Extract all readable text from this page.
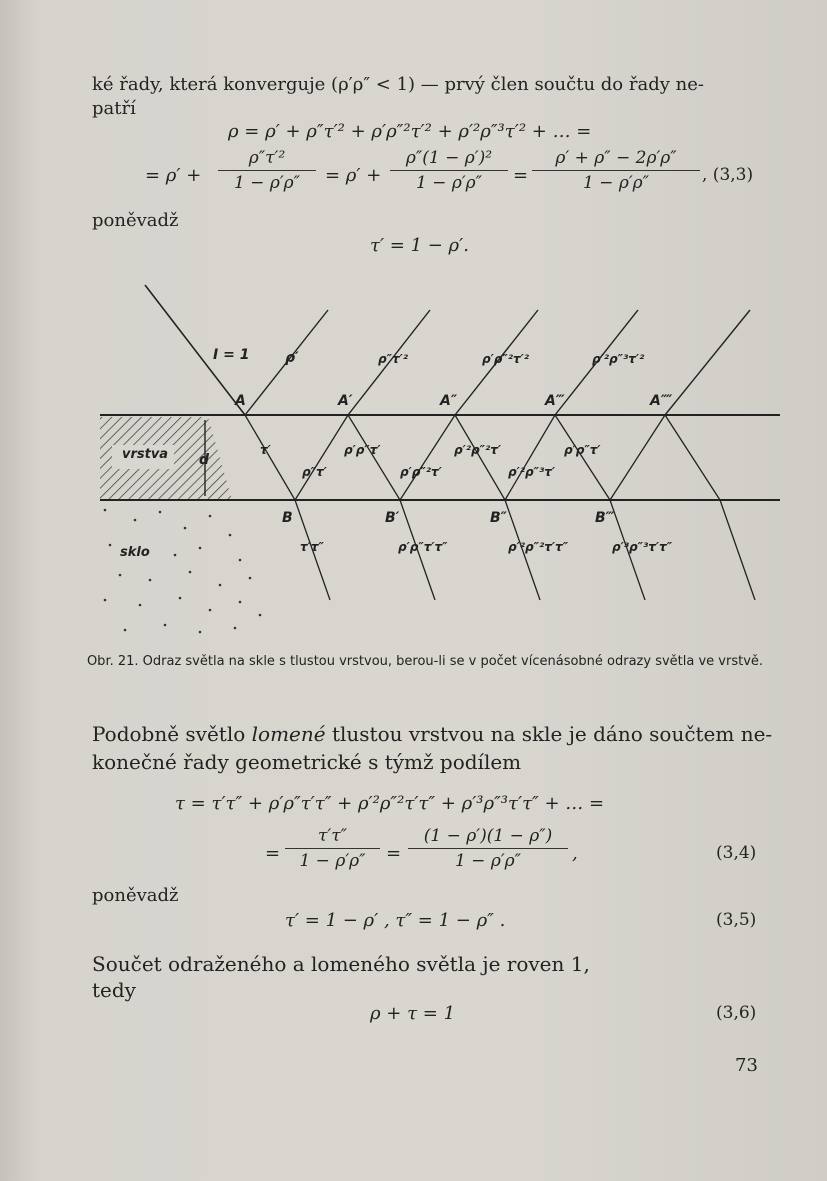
ké řady, která konverguje (ρ′ρ″ < 1) — prvý člen součtu do řady ne-
patří
ρ = ρ′ + ρ″τ′² + ρ′ρ″²τ′² + ρ′²ρ″³τ′² + … =
= ρ′ +
ρ″τ′²
1 − ρ′ρ″	= ρ′ +
ρ″(1 − ρ′)²
1 − ρ′ρ″	=
ρ′ + ρ″ − 2ρ′ρ″
1 − ρ′ρ″	, (3,3)
poněvadž
τ′ = 1 − ρ′.
I = 1	ρ′	ρ″τ′²	ρ′ρ″²τ′²	ρ′²ρ″³τ′²
A	A′	A″	A‴	A⁗
vrstva d
τ′
ρ″τ′
ρ′ρ″τ′
ρ′ρ″²τ′
ρ′²ρ″²τ′
ρ′²ρ″³τ′
ρ′ρ″τ′
B	B′	B″	B‴
sklo	τ′τ″	ρ′ρ″τ′τ″	ρ′²ρ″²τ′τ″	ρ′³ρ″³τ′τ″
Obr. 21. Odraz světla na skle s tlustou vrstvou, berou-li se v počet vícenásobné odrazy světla ve vrstvě.
Podobně světlo lomené tlustou vrstvou na skle je dáno součtem ne-
konečné řady geometrické s týmž podílem
τ = τ′τ″ + ρ′ρ″τ′τ″ + ρ′²ρ″²τ′τ″ + ρ′³ρ″³τ′τ″ + … =
=
τ′τ″
1 − ρ′ρ″	=
(1 − ρ′)(1 − ρ″)
1 − ρ′ρ″	,	(3,4)
poněvadž
τ′ = 1 − ρ′ , τ″ = 1 − ρ″ .	(3,5)
Součet odraženého a lomeného světla je roven 1,
tedy
ρ + τ = 1	(3,6)
73
